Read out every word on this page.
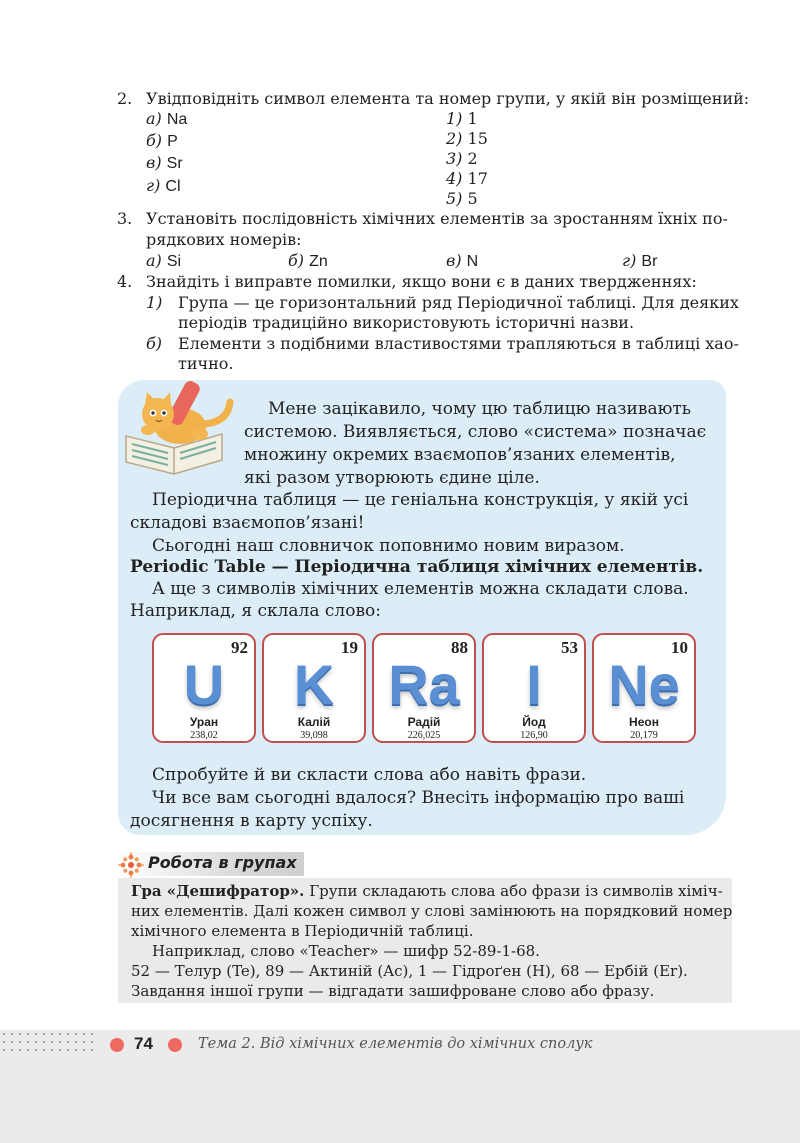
2. Увідповідніть символ елемента та номер групи, у якій він розміщений:
а) Na
б) P
в) Sr
г) Cl
1) 1
2) 15
3) 2
4) 17
5) 5
3. Установіть послідовність хімічних елементів за зростанням їхніх по-
рядкових номерів:
а) Si	б) Zn	в) N	г) Br
4. Знайдіть і виправте помилки, якщо вони є в даних твердженнях:
1) Група — це горизонтальний ряд Періодичної таблиці. Для деяких
періодів традиційно використовують історичні назви.
б) Елементи з подібними властивостями трапляються в таблиці хао-
тично.
Мене зацікавило, чому цю таблицю називають
системою. Виявляється, слово «система» позначає
множину окремих взаємопов’язаних елементів,
які разом утворюють єдине ціле.
Періодична таблиця — це геніальна конструкція, у якій усі
складові взаємопов’язані!
Сьогодні наш словничок поповнимо новим виразом.
Periodic Table — Періодична таблиця хімічних елементів.
А ще з символів хімічних елементів можна складати слова.
Наприклад, я склала слово:
92
U
Уран
238,02
19
K
Калій
39,098
88
Ra
Радій
226,025
53
I
Йод
126,90
10
Ne
Неон
20,179
Спробуйте й ви скласти слова або навіть фрази.
Чи все вам сьогодні вдалося? Внесіть інформацію про ваші
досягнення в карту успіху.
Робота в групах
Гра «Дешифратор». Групи складають слова або фрази із символів хіміч-
них елементів. Далі кожен символ у слові замінюють на порядковий номер
хімічного елемента в Періодичній таблиці.
Наприклад, слово «Teacher» — шифр 52-89-1-68.
52 — Телур (Te), 89 — Актиній (Ac), 1 — Гідроґен (H), 68 — Ербій (Er).
Завдання іншої групи — відгадати зашифроване слово або фразу.
74	Тема 2. Від хімічних елементів до хімічних сполук
